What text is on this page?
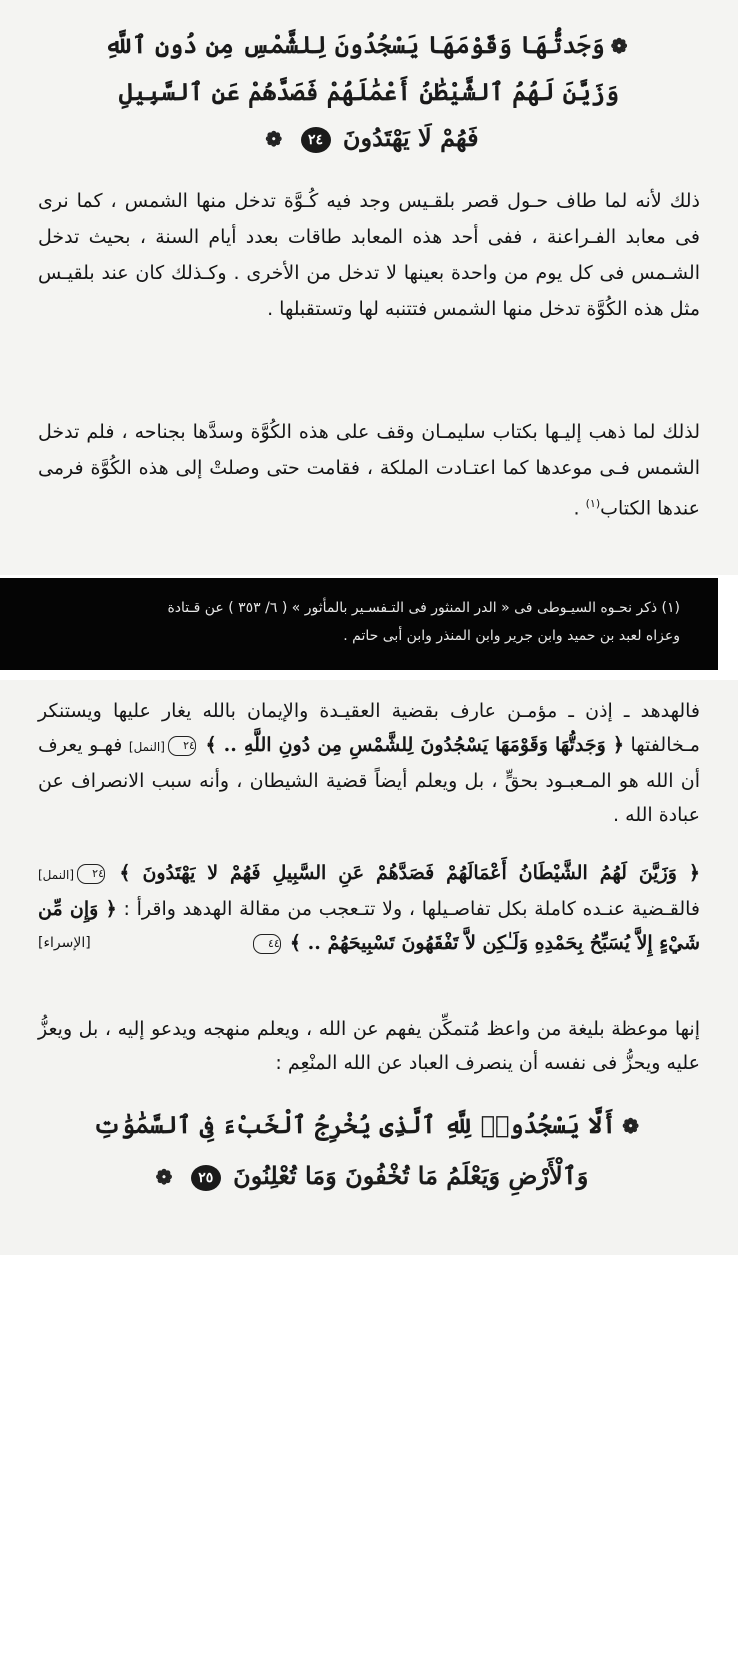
❁وَجَدتُّهَا وَقَوْمَهَا يَسْجُدُونَ لِلشَّمْسِ مِن دُونِ ٱللَّهِ
وَزَيَّنَ لَهُمُ ٱلشَّيْطَٰنُ أَعْمَٰلَهُمْ فَصَدَّهُمْ عَنِ ٱلسَّبِيلِ
فَهُمْ لَا يَهْتَدُونَ ٢٤ ❁

ذلك لأنه لما طاف حـول قصر بلقـيس وجد فيه كُـوَّة تدخل منها الشمس ، كما نرى فى معابد الفـراعنة ، ففى أحد هذه المعابد طاقات بعدد أيام السنة ، بحيث تدخل الشـمس فى كل يوم من واحدة بعينها لا تدخل من الأخرى . وكـذلك كان عند بلقيـس مثل هذه الكُوَّة تدخل منها الشمس فتتنبه لها وتستقبلها .

لذلك لما ذهب إليـها بكتاب سليمـان وقف على هذه الكُوَّة وسدَّها بجناحه ، فلم تدخل الشمس فـى موعدها كما اعتـادت الملكة ، فقامت حتى وصلتْ إلى هذه الكُوَّة فرمى عندها الكتاب$^{(١)}$ .

(١) ذكر نحـوه السيـوطى فى « الدر المنثور فى التـفسـير بالمأثور » ( ٦/ ٣٥٣ ) عن قـتادة
وعزاه لعبد بن حميد وابن جرير وابن المنذر وابن أبى حاتم .

فالهدهد ـ إذن ـ مؤمـن عارف بقضية العقيـدة والإيمان بالله يغار عليها ويستنكر مـخالفتها ﴿ وَجَدتُّهَا وَقَوْمَهَا يَسْجُدُونَ لِلشَّمْسِ مِن دُونِ اللَّهِ .. ﴾ ٢٤[النمل] فهـو يعرف أن الله هو المـعبـود بحقٍّ ، بل ويعلم أيضاً قضية الشيطان ، وأنه سبب الانصراف عن عبادة الله .

﴿ وَزَيَّنَ لَهُمُ الشَّيْطَانُ أَعْمَالَهُمْ فَصَدَّهُمْ عَنِ السَّبِيلِ فَهُمْ لا يَهْتَدُونَ ﴾ ٢٤[النمل] فالقـضية عنـده كاملة بكل تفاصـيلها ، ولا تتـعجب من مقالة الهدهد واقرأ : ﴿ وَإِن مِّن شَيْءٍ إِلاَّ يُسَبِّحُ بِحَمْدِهِ وَلَـٰكِن لاَّ تَفْقَهُونَ تَسْبِيحَهُمْ .. ﴾ ٤٤
[الإسراء]

إنها موعظة بليغة من واعظ مُتمكِّن يفهم عن الله ، ويعلم منهجه ويدعو إليه ، بل ويعزُّ عليه ويحزُّ فى نفسه أن ينصرف العباد عن الله المنْعِم :

❁أَلَّا يَسْجُدُوا۟ لِلَّهِ ٱلَّذِى يُخْرِجُ ٱلْخَبْءَ فِى ٱلسَّمَٰوَٰتِ
وَٱلْأَرْضِ وَيَعْلَمُ مَا تُخْفُونَ وَمَا تُعْلِنُونَ ٢٥ ❁
